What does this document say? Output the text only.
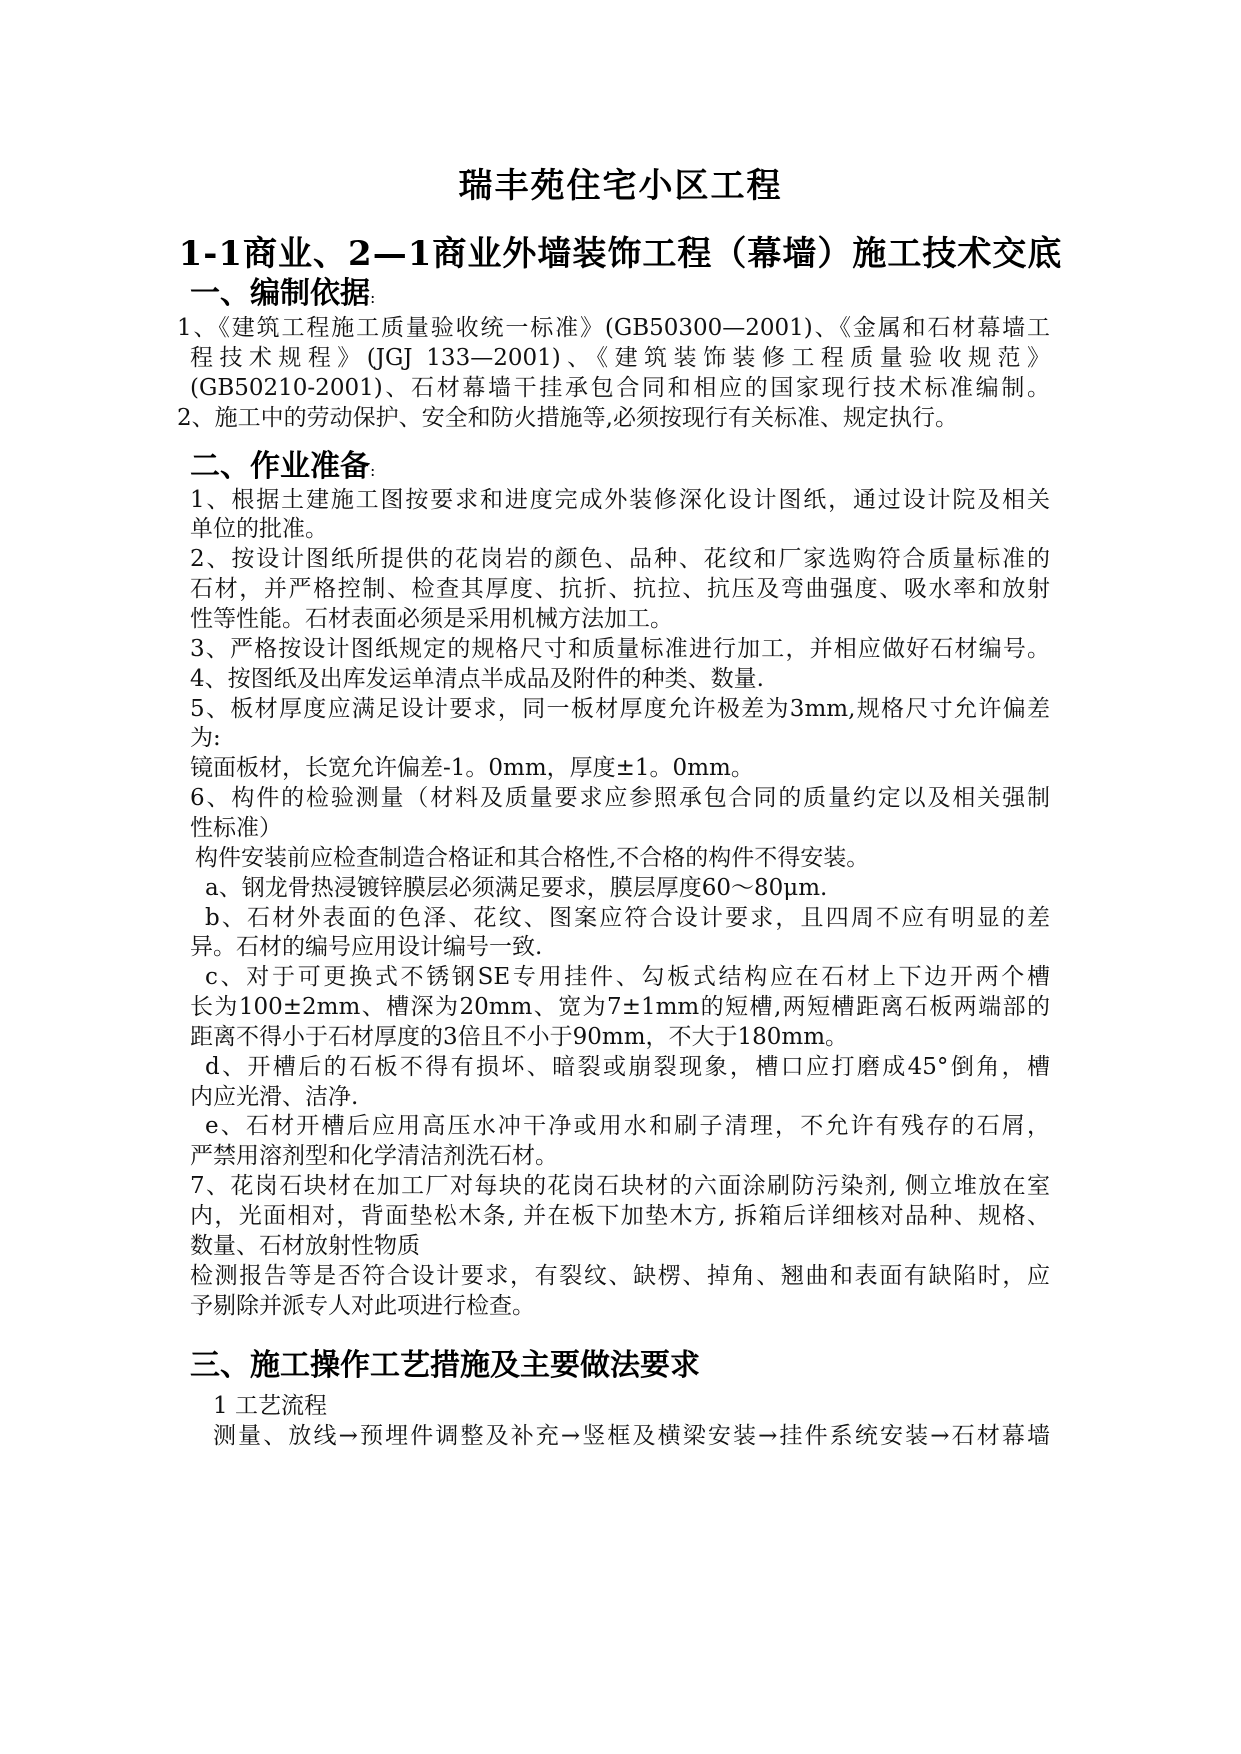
瑞丰苑住宅小区工程
1-1商业、2—1商业外墙装饰工程（幕墙）施工技术交底
一、编制依据:
1、《建筑工程施工质量验收统一标准》(GB50300—2001)、《金属和石材幕墙工
程技术规程》(JGJ 133—2001)、《建筑装饰装修工程质量验收规范》
(GB50210-2001)、石材幕墙干挂承包合同和相应的国家现行技术标准编制。
2、施工中的劳动保护、安全和防火措施等,必须按现行有关标准、规定执行。
二、作业准备:
1、根据土建施工图按要求和进度完成外装修深化设计图纸，通过设计院及相关
单位的批准。
2、按设计图纸所提供的花岗岩的颜色、品种、花纹和厂家选购符合质量标准的
石材，并严格控制、检查其厚度、抗折、抗拉、抗压及弯曲强度、吸水率和放射
性等性能。石材表面必须是采用机械方法加工。
3、严格按设计图纸规定的规格尺寸和质量标准进行加工，并相应做好石材编号。
4、按图纸及出库发运单清点半成品及附件的种类、数量.
5、板材厚度应满足设计要求，同一板材厚度允许极差为3mm,规格尺寸允许偏差
为:
镜面板材，长宽允许偏差-1。0mm，厚度±1。0mm。
6、构件的检验测量（材料及质量要求应参照承包合同的质量约定以及相关强制
性标准）
构件安装前应检查制造合格证和其合格性,不合格的构件不得安装。
a、钢龙骨热浸镀锌膜层必须满足要求，膜层厚度60～80μm.
b、石材外表面的色泽、花纹、图案应符合设计要求，且四周不应有明显的差
异。石材的编号应用设计编号一致.
c、对于可更换式不锈钢SE专用挂件、勾板式结构应在石材上下边开两个槽
长为100±2mm、槽深为20mm、宽为7±1mm的短槽,两短槽距离石板两端部的
距离不得小于石材厚度的3倍且不小于90mm，不大于180mm。
d、开槽后的石板不得有损坏、暗裂或崩裂现象，槽口应打磨成45°倒角，槽
内应光滑、洁净.
e、石材开槽后应用高压水冲干净或用水和刷子清理，不允许有残存的石屑，
严禁用溶剂型和化学清洁剂洗石材。
7、花岗石块材在加工厂对每块的花岗石块材的六面涂刷防污染剂, 侧立堆放在室
内，光面相对，背面垫松木条, 并在板下加垫木方, 拆箱后详细核对品种、规格、
数量、石材放射性物质
检测报告等是否符合设计要求，有裂纹、缺楞、掉角、翘曲和表面有缺陷时，应
予剔除并派专人对此项进行检查。
三、施工操作工艺措施及主要做法要求
1 工艺流程
测量、放线→预埋件调整及补充→竖框及横梁安装→挂件系统安装→石材幕墙
